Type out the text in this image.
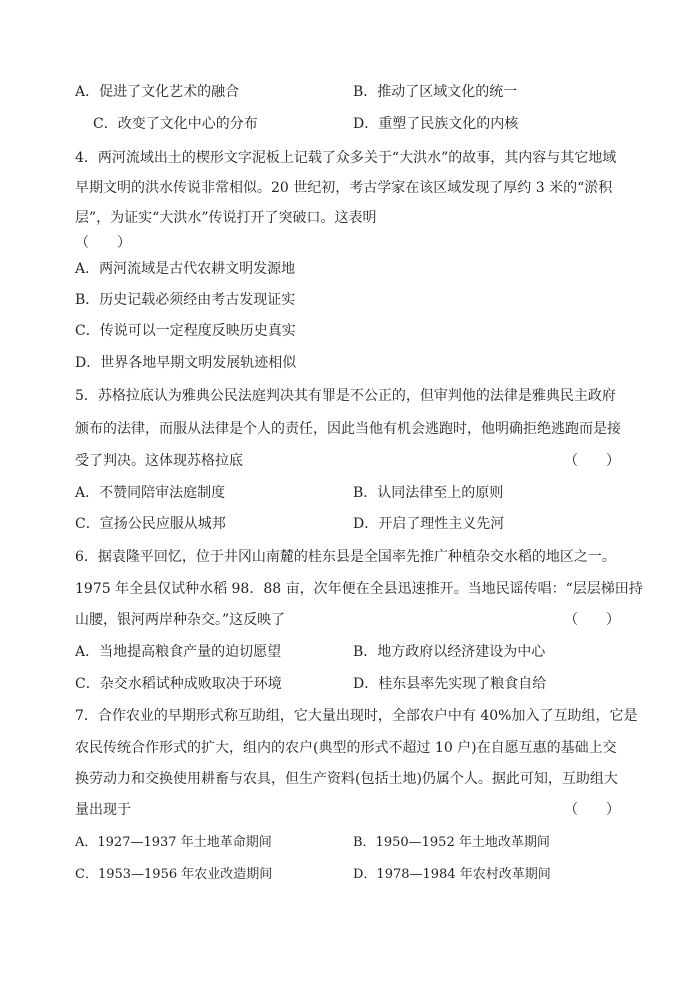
A．促进了文化艺术的融合	B．推动了区域文化的统一
C．改变了文化中心的分布	D．重塑了民族文化的内核
4．两河流域出土的楔形文字泥板上记载了众多关于“大洪水”的故事，其内容与其它地域
早期文明的洪水传说非常相似。20 世纪初，考古学家在该区域发现了厚约 3 米的“淤积
层”，为证实“大洪水”传说打开了突破口。这表明
（　　）
A．两河流域是古代农耕文明发源地
B．历史记载必须经由考古发现证实
C．传说可以一定程度反映历史真实
D．世界各地早期文明发展轨迹相似
5．苏格拉底认为雅典公民法庭判决其有罪是不公正的，但审判他的法律是雅典民主政府
颁布的法律，而服从法律是个人的责任，因此当他有机会逃跑时，他明确拒绝逃跑而是接
受了判决。这体现苏格拉底	（　　）
A．不赞同陪审法庭制度	B．认同法律至上的原则
C．宣扬公民应服从城邦	D．开启了理性主义先河
6．据袁隆平回忆，位于井冈山南麓的桂东县是全国率先推广种植杂交水稻的地区之一。
1975 年全县仅试种水稻 98．88 亩，次年便在全县迅速推开。当地民谣传唱：“层层梯田持
山腰，银河两岸种杂交。”这反映了	（　　）
A．当地提高粮食产量的迫切愿望	B．地方政府以经济建设为中心
C．杂交水稻试种成败取决于环境	D．桂东县率先实现了粮食自给
7．合作农业的早期形式称互助组，它大量出现时，全部农户中有 40%加入了互助组，它是
农民传统合作形式的扩大，组内的农户(典型的形式不超过 10 户)在自愿互惠的基础上交
换劳动力和交换使用耕畜与农具，但生产资料(包括土地)仍属个人。据此可知，互助组大
量出现于	（　　）
A．1927—1937 年土地革命期间	B．1950—1952 年土地改革期间
C．1953—1956 年农业改造期间	D．1978—1984 年农村改革期间
